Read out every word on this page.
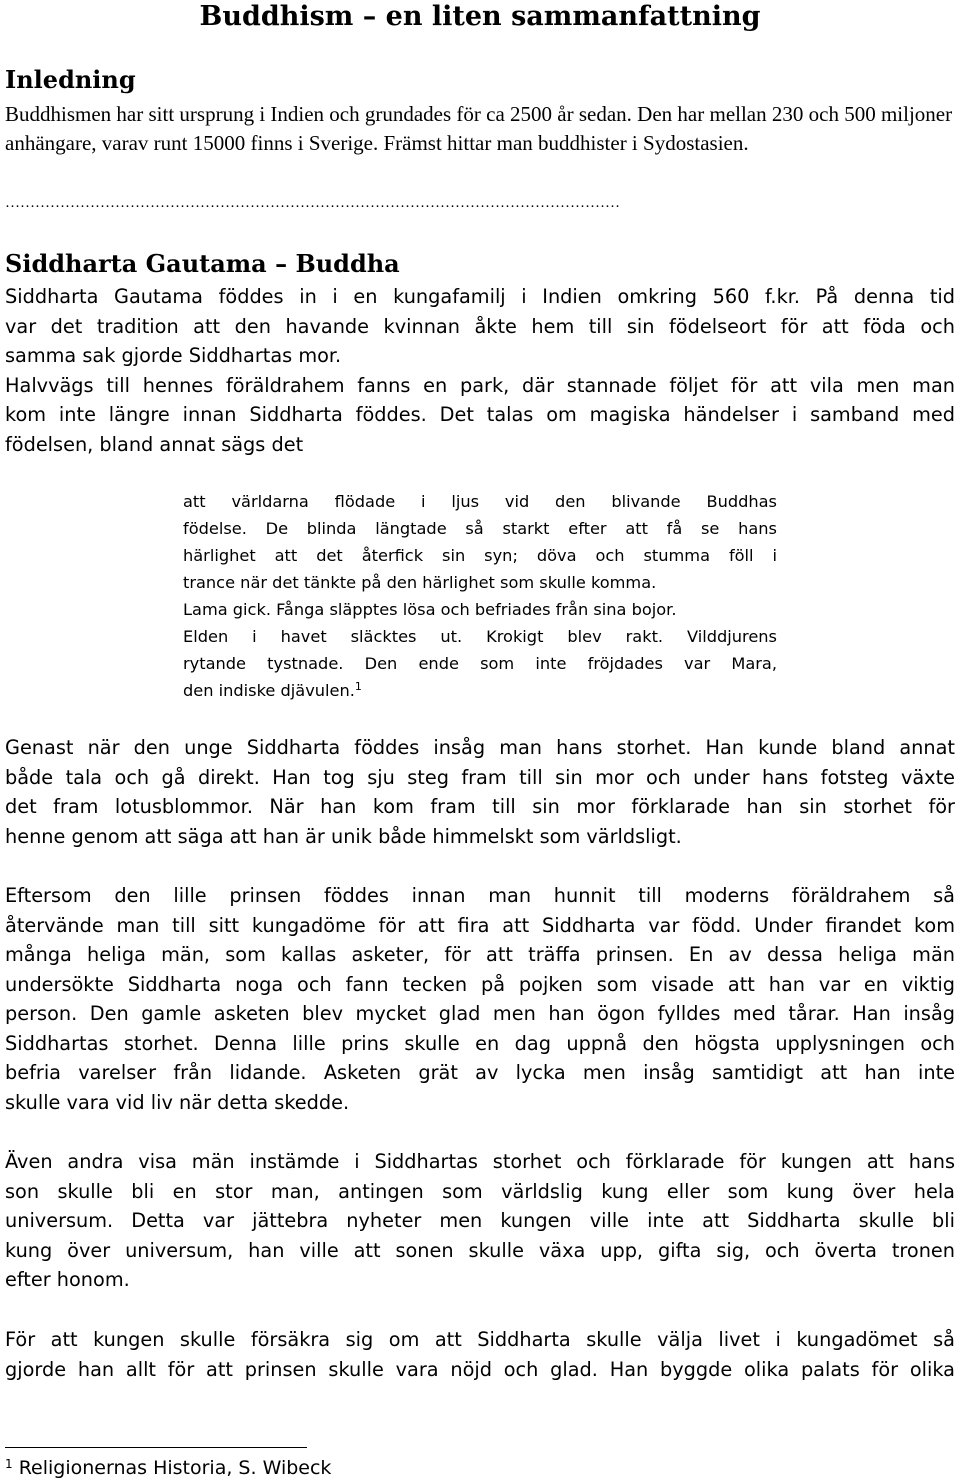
Buddhism – en liten sammanfattning
Inledning
Buddhismen har sitt ursprung i Indien och grundades för ca 2500 år sedan. Den har mellan 230 och 500 miljoner anhängare, varav runt 15000 finns i Sverige. Främst hittar man buddhister i Sydostasien.
……………………………………………………………………………………………………………
Siddharta Gautama – Buddha
Siddharta Gautama föddes in i en kungafamilj i Indien omkring 560 f.kr. På denna tid
var det tradition att den havande kvinnan åkte hem till sin födelseort för att föda och
samma sak gjorde Siddhartas mor.
Halvvägs till hennes föräldrahem fanns en park, där stannade följet för att vila men man
kom inte längre innan Siddharta föddes. Det talas om magiska händelser i samband med
födelsen, bland annat sägs det
att världarna flödade i ljus vid den blivande Buddhas
födelse. De blinda längtade så starkt efter att få se hans
härlighet att det återfick sin syn; döva och stumma föll i
trance när det tänkte på den härlighet som skulle komma.
Lama gick. Fånga släpptes lösa och befriades från sina bojor.
Elden i havet släcktes ut. Krokigt blev rakt. Vilddjurens
rytande tystnade. Den ende som inte fröjdades var Mara,
den indiske djävulen.$^1$
Genast när den unge Siddharta föddes insåg man hans storhet. Han kunde bland annat
både tala och gå direkt. Han tog sju steg fram till sin mor och under hans fotsteg växte
det fram lotusblommor. När han kom fram till sin mor förklarade han sin storhet för
henne genom att säga att han är unik både himmelskt som världsligt.
Eftersom den lille prinsen föddes innan man hunnit till moderns föräldrahem så
återvände man till sitt kungadöme för att fira att Siddharta var född. Under firandet kom
många heliga män, som kallas asketer, för att träffa prinsen. En av dessa heliga män
undersökte Siddharta noga och fann tecken på pojken som visade att han var en viktig
person. Den gamle asketen blev mycket glad men han ögon fylldes med tårar. Han insåg
Siddhartas storhet. Denna lille prins skulle en dag uppnå den högsta upplysningen och
befria varelser från lidande. Asketen grät av lycka men insåg samtidigt att han inte
skulle vara vid liv när detta skedde.
Även andra visa män instämde i Siddhartas storhet och förklarade för kungen att hans
son skulle bli en stor man, antingen som världslig kung eller som kung över hela
universum. Detta var jättebra nyheter men kungen ville inte att Siddharta skulle bli
kung över universum, han ville att sonen skulle växa upp, gifta sig, och överta tronen
efter honom.
För att kungen skulle försäkra sig om att Siddharta skulle välja livet i kungadömet så
gjorde han allt för att prinsen skulle vara nöjd och glad. Han byggde olika palats för olika
$^1$ Religionernas Historia, S. Wibeck
